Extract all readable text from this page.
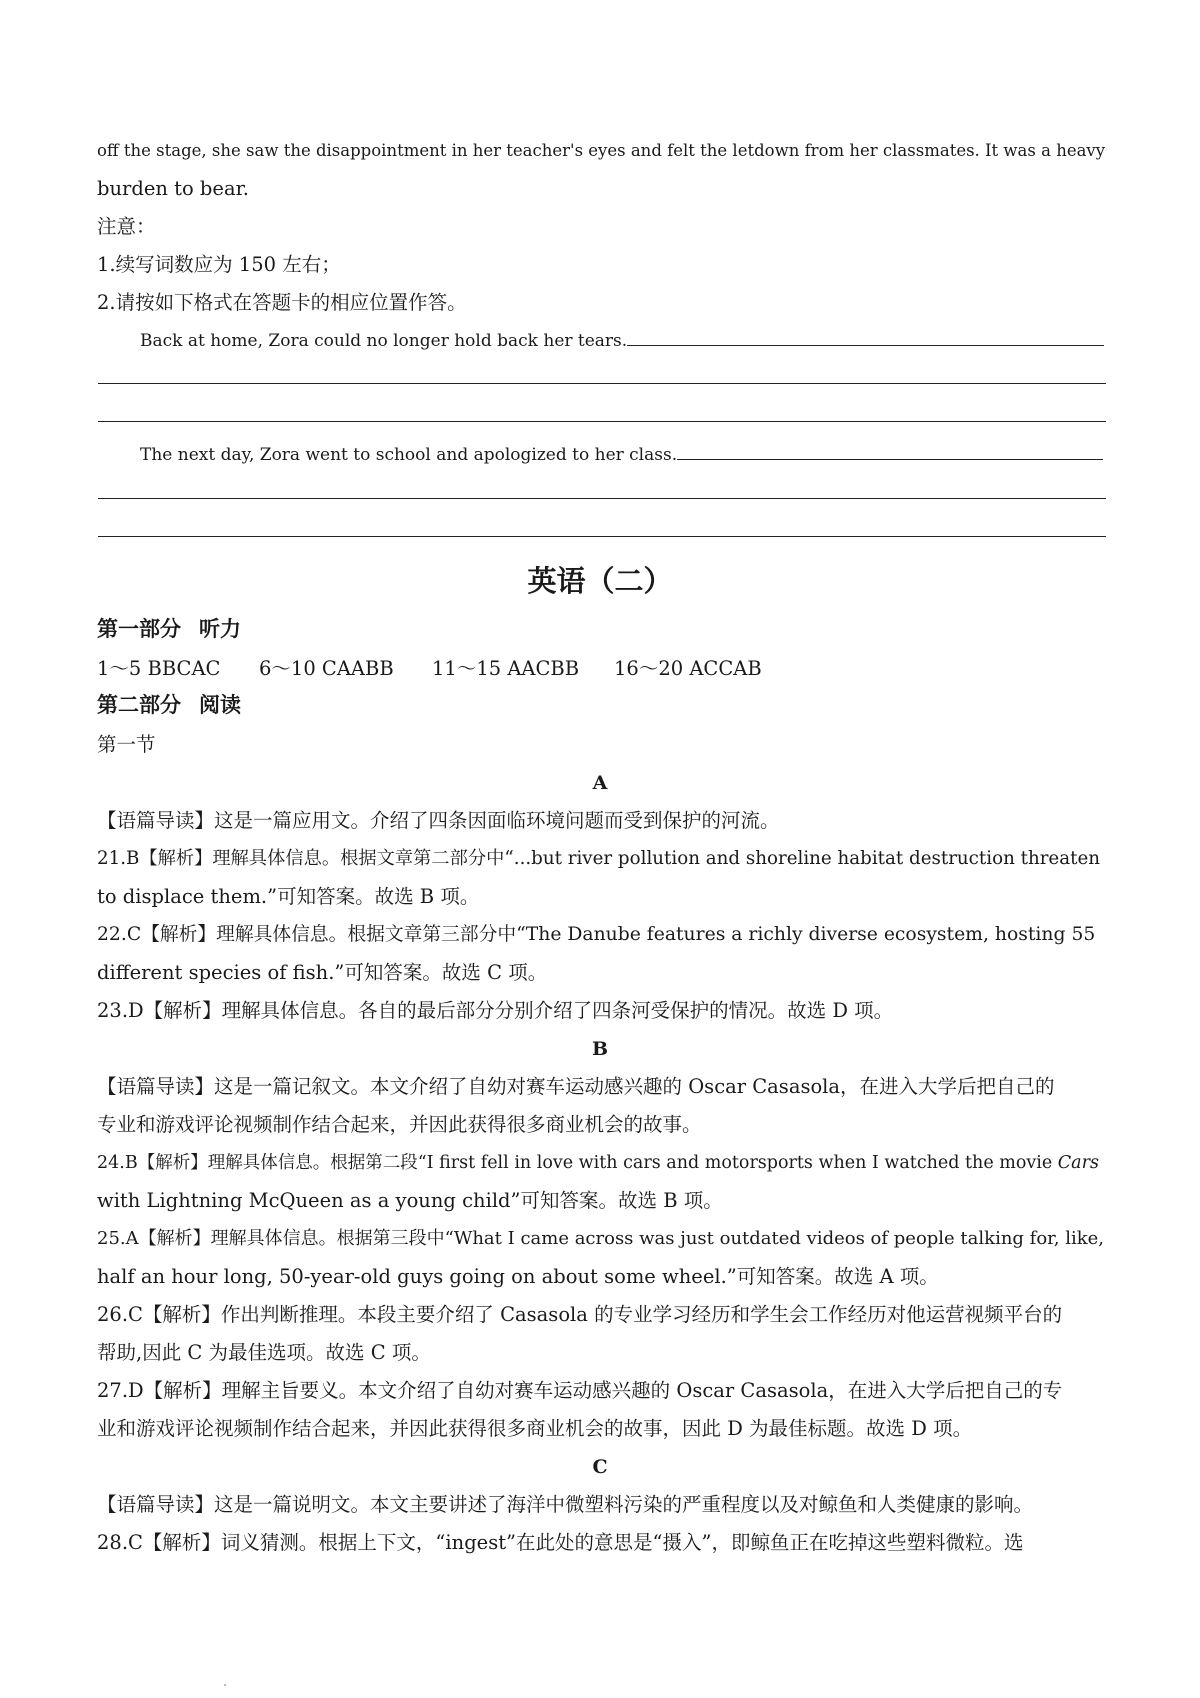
off the stage, she saw the disappointment in her teacher's eyes and felt the letdown from her classmates. It was a heavy
burden to bear.
注意：
1.续写词数应为 150 左右；
2.请按如下格式在答题卡的相应位置作答。
Back at home, Zora could no longer hold back her tears.
The next day, Zora went to school and apologized to her class.
英语（二）
第一部分 听力
1～5 BBCAC 6～10 CAABB 11～15 AACBB 16～20 ACCAB
第二部分 阅读
第一节
A
【语篇导读】这是一篇应用文。介绍了四条因面临环境问题而受到保护的河流。
21.B【解析】理解具体信息。根据文章第二部分中“...but river pollution and shoreline habitat destruction threaten
to displace them.”可知答案。故选 B 项。
22.C【解析】理解具体信息。根据文章第三部分中“The Danube features a richly diverse ecosystem, hosting 55
different species of fish.”可知答案。故选 C 项。
23.D【解析】理解具体信息。各自的最后部分分别介绍了四条河受保护的情况。故选 D 项。
B
【语篇导读】这是一篇记叙文。本文介绍了自幼对赛车运动感兴趣的 Oscar Casasola，在进入大学后把自己的
专业和游戏评论视频制作结合起来，并因此获得很多商业机会的故事。
24.B【解析】理解具体信息。根据第二段“I first fell in love with cars and motorsports when I watched the movie Cars
with Lightning McQueen as a young child”可知答案。故选 B 项。
25.A【解析】理解具体信息。根据第三段中“What I came across was just outdated videos of people talking for, like,
half an hour long, 50-year-old guys going on about some wheel.”可知答案。故选 A 项。
26.C【解析】作出判断推理。本段主要介绍了 Casasola 的专业学习经历和学生会工作经历对他运营视频平台的
帮助,因此 C 为最佳选项。故选 C 项。
27.D【解析】理解主旨要义。本文介绍了自幼对赛车运动感兴趣的 Oscar Casasola，在进入大学后把自己的专
业和游戏评论视频制作结合起来，并因此获得很多商业机会的故事，因此 D 为最佳标题。故选 D 项。
C
【语篇导读】这是一篇说明文。本文主要讲述了海洋中微塑料污染的严重程度以及对鲸鱼和人类健康的影响。
28.C【解析】词义猜测。根据上下文，“ingest”在此处的意思是“摄入”，即鲸鱼正在吃掉这些塑料微粒。选
